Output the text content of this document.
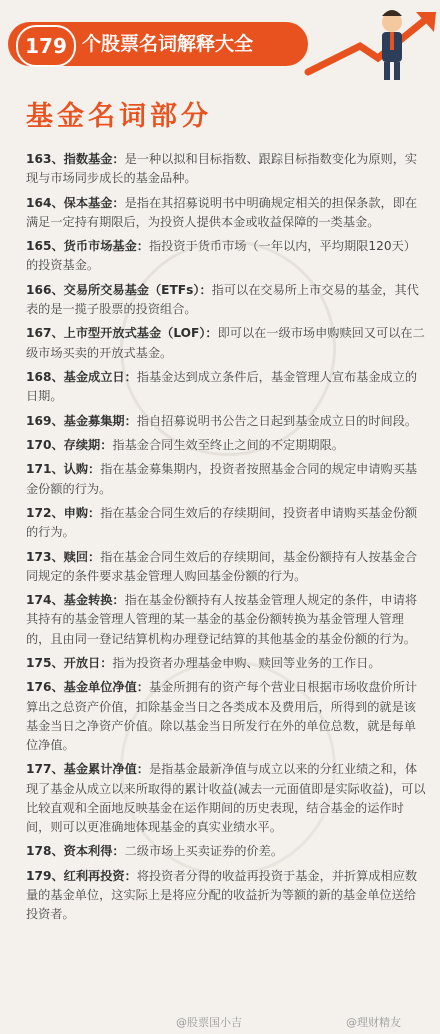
179 个股票名词解释大全
基金名词部分

163、指数基金：是一种以拟和目标指数、跟踪目标指数变化为原则，实现与市场同步成长的基金品种。

164、保本基金：是指在其招募说明书中明确规定相关的担保条款，即在满足一定持有期限后，为投资人提供本金或收益保障的一类基金。

165、货币市场基金：指投资于货币市场（一年以内，平均期限120天）的投资基金。

166、交易所交易基金（ETFs）：指可以在交易所上市交易的基金，其代表的是一揽子股票的投资组合。

167、上市型开放式基金（LOF）：即可以在一级市场申购赎回又可以在二级市场买卖的开放式基金。

168、基金成立日：指基金达到成立条件后，基金管理人宣布基金成立的日期。

169、基金募集期：指自招募说明书公告之日起到基金成立日的时间段。

170、存续期：指基金合同生效至终止之间的不定期期限。

171、认购：指在基金募集期内，投资者按照基金合同的规定申请购买基金份额的行为。

172、申购：指在基金合同生效后的存续期间，投资者申请购买基金份额的行为。

173、赎回：指在基金合同生效后的存续期间，基金份额持有人按基金合同规定的条件要求基金管理人购回基金份额的行为。

174、基金转换：指在基金份额持有人按基金管理人规定的条件，申请将其持有的基金管理人管理的某一基金的基金份额转换为基金管理人管理的，且由同一登记结算机构办理登记结算的其他基金的基金份额的行为。

175、开放日：指为投资者办理基金申购、赎回等业务的工作日。

176、基金单位净值：基金所拥有的资产每个营业日根据市场收盘价所计算出之总资产价值，扣除基金当日之各类成本及费用后，所得到的就是该基金当日之净资产价值。除以基金当日所发行在外的单位总数，就是每单位净值。

177、基金累计净值：是指基金最新净值与成立以来的分红业绩之和，体现了基金从成立以来所取得的累计收益(减去一元面值即是实际收益)，可以比较直观和全面地反映基金在运作期间的历史表现，结合基金的运作时间，则可以更准确地体现基金的真实业绩水平。

178、资本利得：二级市场上买卖证券的价差。

179、红利再投资：将投资者分得的收益再投资于基金，并折算成相应数量的基金单位，这实际上是将应分配的收益折为等额的新的基金单位送给投资者。

@股票国小吉	@理财精友
